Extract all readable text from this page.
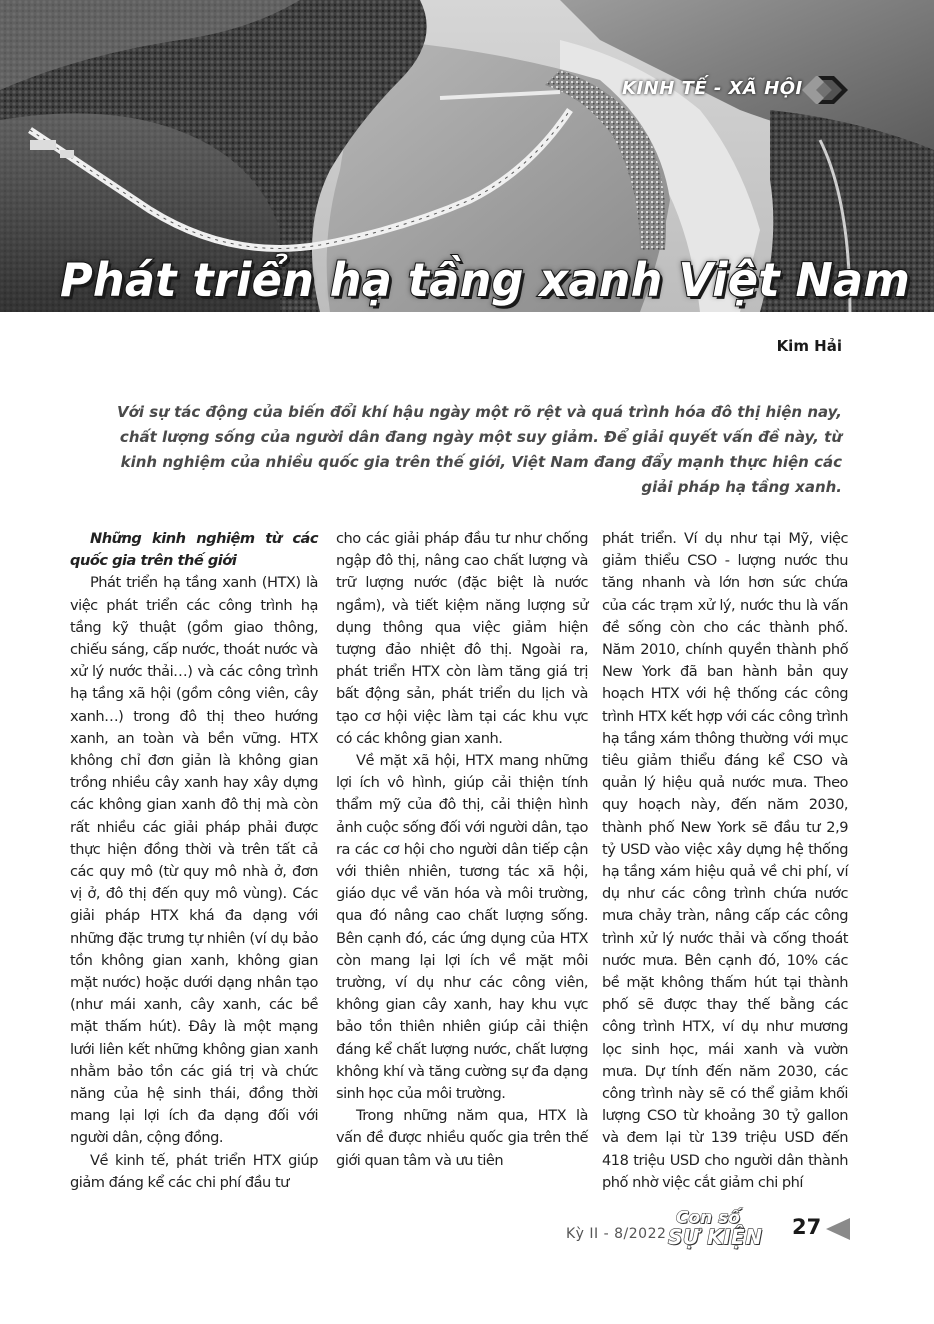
KINH TẾ - XÃ HỘI
Phát triển hạ tầng xanh Việt Nam
Kim Hải
Với sự tác động của biến đổi khí hậu ngày một rõ rệt và quá trình hóa đô thị hiện nay, chất lượng sống của người dân đang ngày một suy giảm. Để giải quyết vấn đề này, từ kinh nghiệm của nhiều quốc gia trên thế giới, Việt Nam đang đẩy mạnh thực hiện các giải pháp hạ tầng xanh.
Những kinh nghiệm từ các quốc gia trên thế giới

Phát triển hạ tầng xanh (HTX) là việc phát triển các công trình hạ tầng kỹ thuật (gồm giao thông, chiếu sáng, cấp nước, thoát nước và xử lý nước thải…) và các công trình hạ tầng xã hội (gồm công viên, cây xanh…) trong đô thị theo hướng xanh, an toàn và bền vững. HTX không chỉ đơn giản là không gian trồng nhiều cây xanh hay xây dựng các không gian xanh đô thị mà còn rất nhiều các giải pháp phải được thực hiện đồng thời và trên tất cả các quy mô (từ quy mô nhà ở, đơn vị ở, đô thị đến quy mô vùng). Các giải pháp HTX khá đa dạng với những đặc trưng tự nhiên (ví dụ bảo tồn không gian xanh, không gian mặt nước) hoặc dưới dạng nhân tạo (như mái xanh, cây xanh, các bề mặt thấm hút). Đây là một mạng lưới liên kết những không gian xanh nhằm bảo tồn các giá trị và chức năng của hệ sinh thái, đồng thời mang lại lợi ích đa dạng đối với người dân, cộng đồng.

Về kinh tế, phát triển HTX giúp giảm đáng kể các chi phí đầu tư

cho các giải pháp đầu tư như chống ngập đô thị, nâng cao chất lượng và trữ lượng nước (đặc biệt là nước ngầm), và tiết kiệm năng lượng sử dụng thông qua việc giảm hiện tượng đảo nhiệt đô thị. Ngoài ra, phát triển HTX còn làm tăng giá trị bất động sản, phát triển du lịch và tạo cơ hội việc làm tại các khu vực có các không gian xanh.

Về mặt xã hội, HTX mang những lợi ích vô hình, giúp cải thiện tính thẩm mỹ của đô thị, cải thiện hình ảnh cuộc sống đối với người dân, tạo ra các cơ hội cho người dân tiếp cận với thiên nhiên, tương tác xã hội, giáo dục về văn hóa và môi trường, qua đó nâng cao chất lượng sống. Bên cạnh đó, các ứng dụng của HTX còn mang lại lợi ích về mặt môi trường, ví dụ như các công viên, không gian cây xanh, hay khu vực bảo tồn thiên nhiên giúp cải thiện đáng kể chất lượng nước, chất lượng không khí và tăng cường sự đa dạng sinh học của môi trường.

Trong những năm qua, HTX là vấn đề được nhiều quốc gia trên thế giới quan tâm và ưu tiên

phát triển. Ví dụ như tại Mỹ, việc giảm thiểu CSO - lượng nước thu tăng nhanh và lớn hơn sức chứa của các trạm xử lý, nước thu là vấn đề sống còn cho các thành phố. Năm 2010, chính quyền thành phố New York đã ban hành bản quy hoạch HTX với hệ thống các công trình HTX kết hợp với các công trình hạ tầng xám thông thường với mục tiêu giảm thiểu đáng kể CSO và quản lý hiệu quả nước mưa. Theo quy hoạch này, đến năm 2030, thành phố New York sẽ đầu tư 2,9 tỷ USD vào việc xây dựng hệ thống hạ tầng xám hiệu quả về chi phí, ví dụ như các công trình chứa nước mưa chảy tràn, nâng cấp các công trình xử lý nước thải và cống thoát nước mưa. Bên cạnh đó, 10% các bề mặt không thấm hút tại thành phố sẽ được thay thế bằng các công trình HTX, ví dụ như mương lọc sinh học, mái xanh và vườn mưa. Dự tính đến năm 2030, các công trình này sẽ có thể giảm khối lượng CSO từ khoảng 30 tỷ gallon và đem lại từ 139 triệu USD đến 418 triệu USD cho người dân thành phố nhờ việc cắt giảm chi phí

Kỳ II - 8/2022
Con số
SỰ KIỆN 27
